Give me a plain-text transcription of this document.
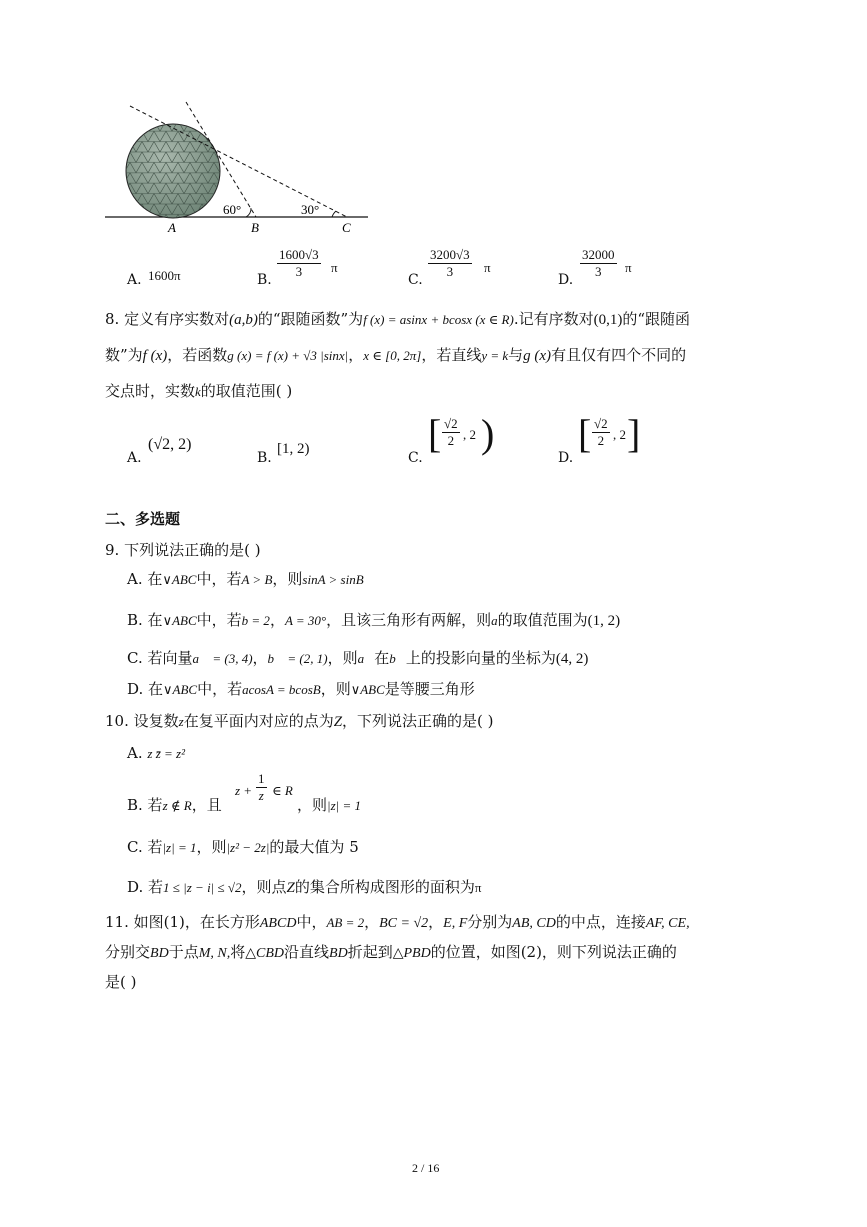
60°	30°
A	B	C
A. 1600π	B. $\frac{1600√3}{3}$ π
C. $\frac{3200√3}{3}$ π
D. $\frac{32000}{3}$ π
8. 定义有序实数对(a,b)的“跟随函数”为f (x) = asinx + bcosx (x ∈ R).记有序数对(0,1)的“跟随函
数”为f (x)，若函数g (x) = f (x) + √3 |sinx|，x ∈ [0, 2π]，若直线y = k与g (x)有且仅有四个不同的
交点时，实数k的取值范围( )
A.
(√2, 2)
B.
[1, 2)
C.
[ $\frac{√2}{2}$ , 2 )
D.
[ $\frac{√2}{2}$ , 2 ]
二、多选题
9. 下列说法正确的是( )
A. 在∨ABC中，若A > B，则sinA > sinB
B. 在∨ABC中，若b = 2，A = 30°，且该三角形有两解，则a的取值范围为(1, 2)
C. 若向量a⃗ = (3, 4)，b⃗ = (2, 1)，则a⃗在b⃗上的投影向量的坐标为(4, 2)
D. 在∨ABC中，若acosA = bcosB，则∨ABC是等腰三角形
10. 设复数z在复平面内对应的点为Z，下列说法正确的是( )
A. z z̄ = z²
B. 若z ∉ R，且
$z + \frac{1}{z}$ ∈ R
，则|z| = 1
C. 若|z| = 1，则|z² − 2z|的最大值为 5
D. 若1 ≤ |z − i| ≤ √2，则点Z的集合所构成图形的面积为π
11. 如图(1)，在长方形ABCD中，AB = 2，BC = √2，E, F分别为AB, CD的中点，连接AF, CE,
分别交BD于点M, N,将△CBD沿直线BD折起到△PBD的位置，如图(2)，则下列说法正确的
是( )
2 / 16
